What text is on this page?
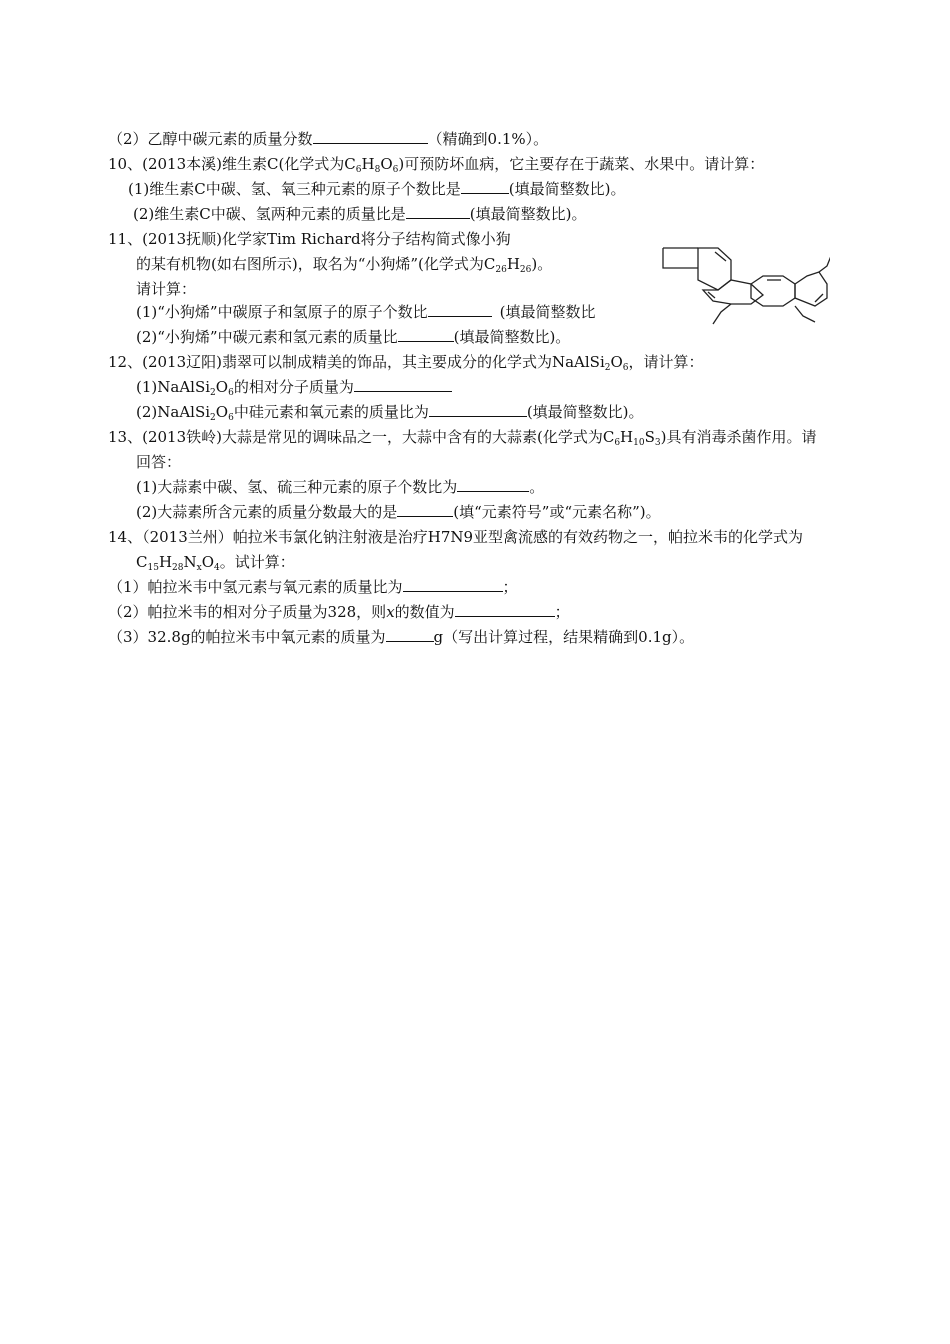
（2）乙醇中碳元素的质量分数	（精确到0.1%）。
10、(2013本溪)维生素C(化学式为$C_6H_8O_6$)可预防坏血病，它主要存在于蔬菜、水果中。请计算：
(1)维生素C中碳、氢、氧三种元素的原子个数比是	(填最简整数比)。
(2)维生素C中碳、氢两种元素的质量比是	(填最简整数比)。
11、(2013抚顺)化学家Tim Richard将分子结构简式像小狗
的某有机物(如右图所示)，取名为“小狗烯”(化学式为$C_{26}H_{26}$)。
请计算：
(1)“小狗烯”中碳原子和氢原子的原子个数比	(填最简整数比
(2)“小狗烯”中碳元素和氢元素的质量比	(填最简整数比)。
12、(2013辽阳)翡翠可以制成精美的饰品，其主要成分的化学式为$NaAlSi_2O_6$，请计算：
$(1)NaAlSi_2O_6$的相对分子质量为
$(2)NaAlSi_2O_6$中硅元素和氧元素的质量比为	(填最简整数比)。
13、(2013铁岭)大蒜是常见的调味品之一，大蒜中含有的大蒜素(化学式为$C_6H_{10}S_3$)具有消毒杀菌作用。请
回答：
(1)大蒜素中碳、氢、硫三种元素的原子个数比为	。
(2)大蒜素所含元素的质量分数最大的是	(填“元素符号”或“元素名称”)。
14、（2013兰州）帕拉米韦氯化钠注射液是治疗H7N9亚型禽流感的有效药物之一，帕拉米韦的化学式为
$C_{15}H_{28}N_xO_4$。试计算：
（1）帕拉米韦中氢元素与氧元素的质量比为	；
（2）帕拉米韦的相对分子质量为328，则x的数值为	；
（3）32.8g的帕拉米韦中氧元素的质量为	g（写出计算过程，结果精确到0.1g）。
